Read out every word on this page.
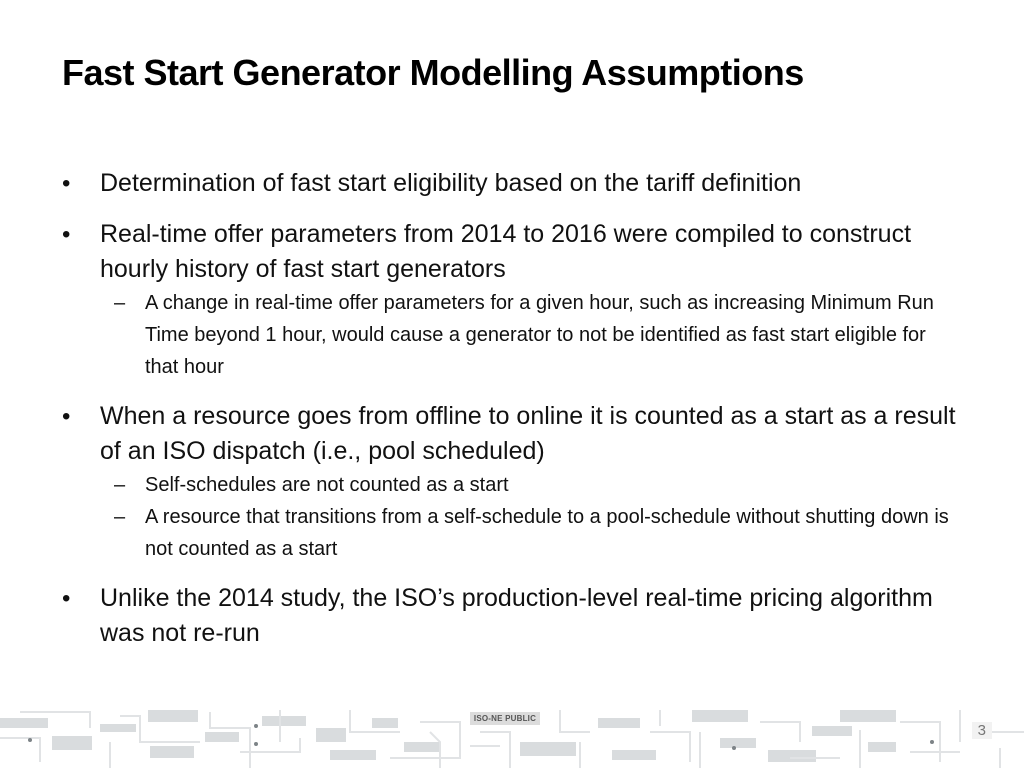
Fast Start Generator Modelling Assumptions
• Determination of fast start eligibility based on the tariff definition
• Real-time offer parameters from 2014 to 2016 were compiled to construct hourly history of fast start generators
– A change in real-time offer parameters for a given hour, such as increasing Minimum Run Time beyond 1 hour, would cause a generator to not be identified as fast start eligible for that hour
• When a resource goes from offline to online it is counted as a start as a result of an ISO dispatch (i.e., pool scheduled)
– Self-schedules are not counted as a start
– A resource that transitions from a self-schedule to a pool-schedule without shutting down is not counted as a start
• Unlike the 2014 study, the ISO’s production-level real-time pricing algorithm was not re-run
ISO-NE PUBLIC
3
